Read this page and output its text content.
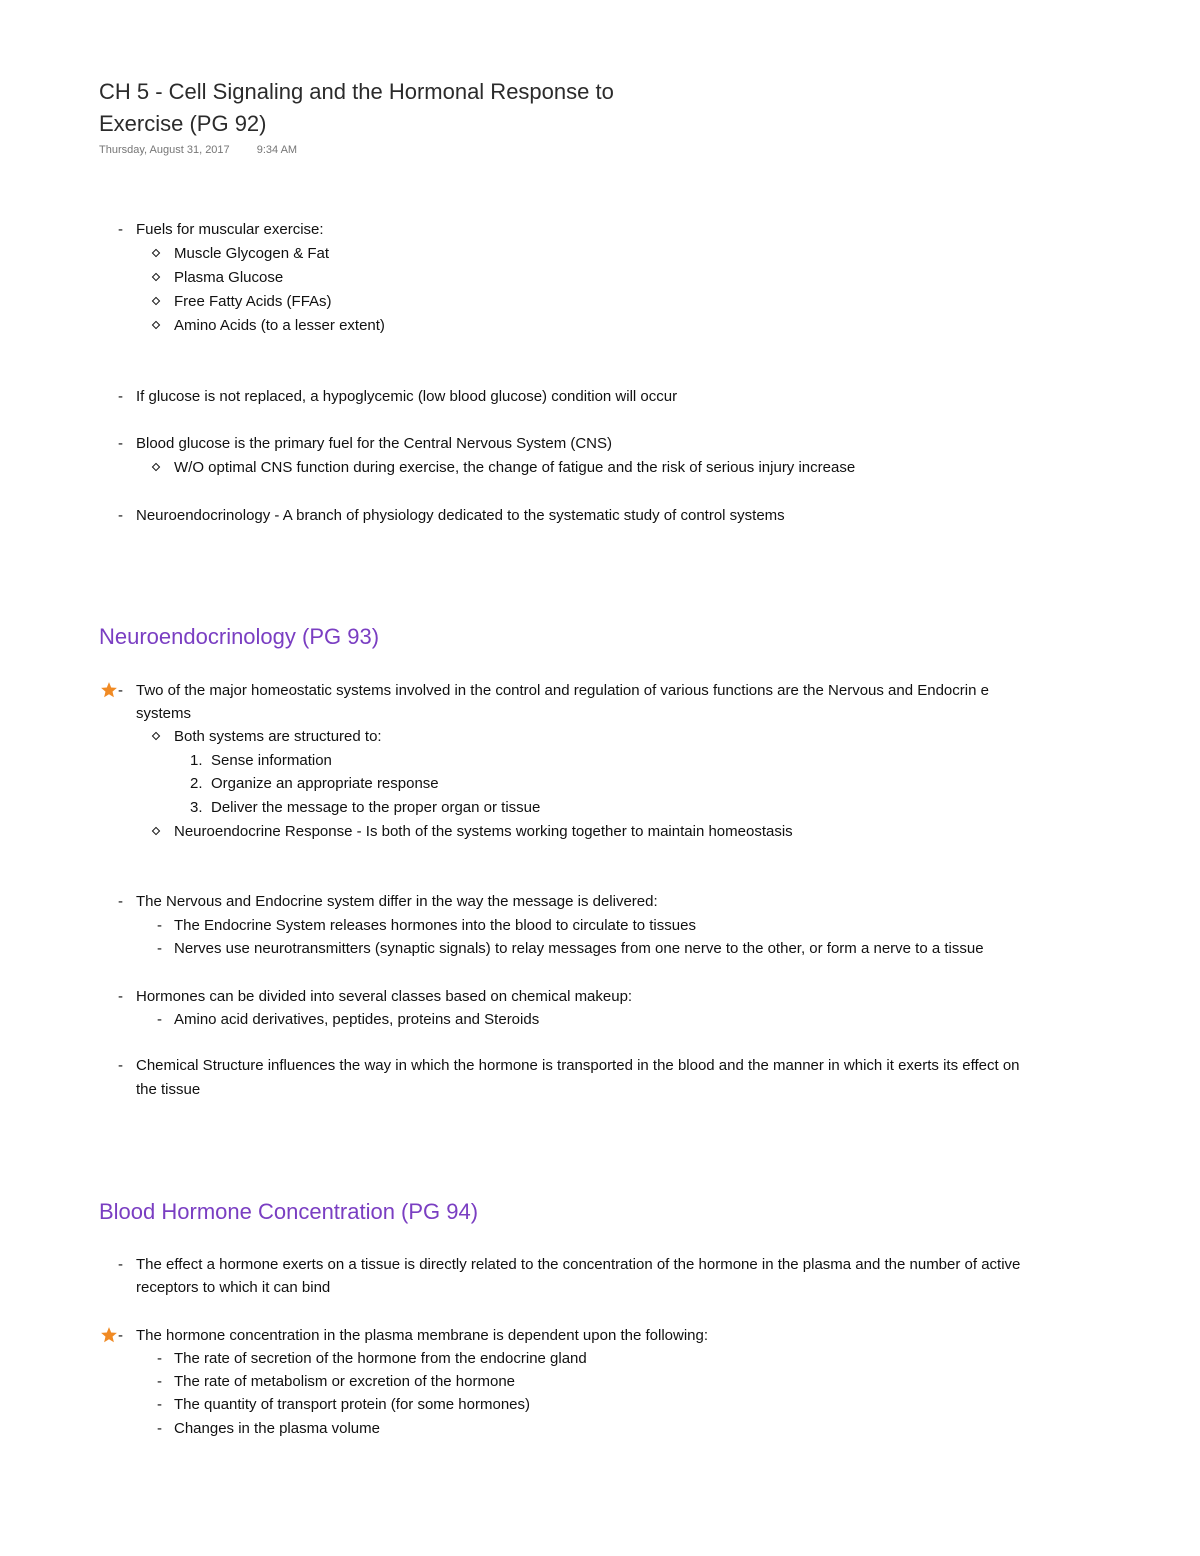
CH 5 - Cell Signaling and the Hormonal Response to
Exercise (PG 92)
Thursday, August 31, 2017 9:34 AM
- Fuels for muscular exercise:
Muscle Glycogen & Fat
Plasma Glucose
Free Fatty Acids (FFAs)
Amino Acids (to a lesser extent)
- If glucose is not replaced, a hypoglycemic (low blood glucose) condition will occur
- Blood glucose is the primary fuel for the Central Nervous System (CNS)
W/O optimal CNS function during exercise, the change of fatigue and the risk of serious injury increase
- Neuroendocrinology - A branch of physiology dedicated to the systematic study of control systems
Neuroendocrinology (PG 93)
- Two of the major homeostatic systems involved in the control and regulation of various functions are the Nervous and Endocrin e
systems
Both systems are structured to:
1. Sense information
2. Organize an appropriate response
3. Deliver the message to the proper organ or tissue
Neuroendocrine Response - Is both of the systems working together to maintain homeostasis
- The Nervous and Endocrine system differ in the way the message is delivered:
- The Endocrine System releases hormones into the blood to circulate to tissues
- Nerves use neurotransmitters (synaptic signals) to relay messages from one nerve to the other, or form a nerve to a tissue
- Hormones can be divided into several classes based on chemical makeup:
- Amino acid derivatives, peptides, proteins and Steroids
- Chemical Structure influences the way in which the hormone is transported in the blood and the manner in which it exerts its effect on
the tissue
Blood Hormone Concentration (PG 94)
- The effect a hormone exerts on a tissue is directly related to the concentration of the hormone in the plasma and the number of active
receptors to which it can bind
- The hormone concentration in the plasma membrane is dependent upon the following:
- The rate of secretion of the hormone from the endocrine gland
- The rate of metabolism or excretion of the hormone
- The quantity of transport protein (for some hormones)
- Changes in the plasma volume
